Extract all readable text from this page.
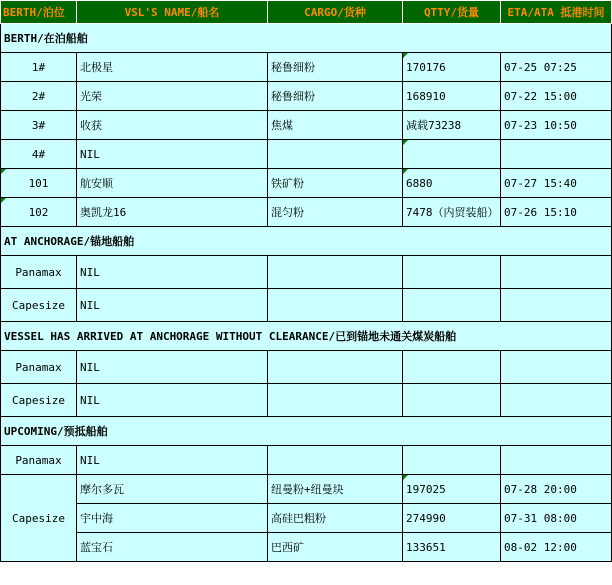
BERTH/泊位	VSL'S NAME/船名	CARGO/货种	QTTY/货量	ETA/ATA 抵港时间
BERTH/在泊船舶				
1#	北极星	秘鲁细粉	170176	07-25 07:25
2#	光荣	秘鲁细粉	168910	07-22 15:00
3#	收获	焦煤	减载73238	07-23 10:50
4#	NIL		

101	航安顺	铁矿粉	6880	07-27 15:40

102	奥凯龙16	混匀粉	7478（内贸装船）	07-26 15:10
AT ANCHORAGE/锚地船舶				
Panamax	NIL			
Capesize	NIL			
VESSEL HAS ARRIVED AT ANCHORAGE WITHOUT CLEARANCE/已到锚地未通关煤炭船舶				
Panamax	NIL			
Capesize	NIL			
UPCOMING/预抵船舶				
Panamax	NIL			
Capesize	摩尔多瓦	纽曼粉+纽曼块	197025	07-28 20:00
	宇中海	高硅巴粗粉	274990	07-31 08:00
	蓝宝石	巴西矿	133651	08-02 12:00
